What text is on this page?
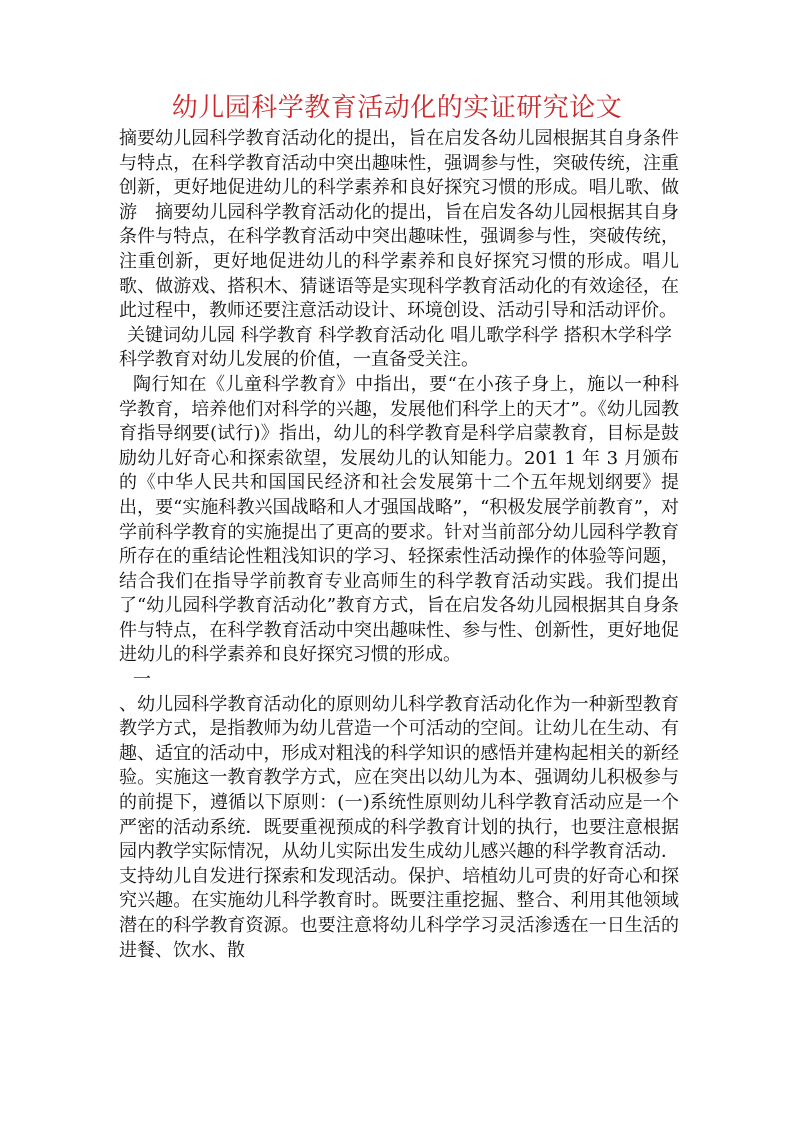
幼儿园科学教育活动化的实证研究论文

摘要幼儿园科学教育活动化的提出，旨在启发各幼儿园根据其自身条件与特点，在科学教育活动中突出趣味性，强调参与性，突破传统，注重创新，更好地促进幼儿的科学素养和良好探究习惯的形成。唱儿歌、做游　摘要幼儿园科学教育活动化的提出，旨在启发各幼儿园根据其自身条件与特点，在科学教育活动中突出趣味性，强调参与性，突破传统，注重创新，更好地促进幼儿的科学素养和良好探究习惯的形成。唱儿歌、做游戏、搭积木、猜谜语等是实现科学教育活动化的有效途径，在此过程中，教师还要注意活动设计、环境创设、活动引导和活动评价。

关键词幼儿园 科学教育 科学教育活动化 唱儿歌学科学 搭积木学科学

科学教育对幼儿发展的价值，一直备受关注。

陶行知在《儿童科学教育》中指出，要“在小孩子身上，施以一种科学教育，培养他们对科学的兴趣，发展他们科学上的天才”。《幼儿园教育指导纲要(试行)》指出，幼儿的科学教育是科学启蒙教育，目标是鼓励幼儿好奇心和探索欲望，发展幼儿的认知能力。201 1 年 3 月颁布的《中华人民共和国国民经济和社会发展第十二个五年规划纲要》提出，要“实施科教兴国战略和人才强国战略”，“积极发展学前教育”，对学前科学教育的实施提出了更高的要求。针对当前部分幼儿园科学教育所存在的重结论性粗浅知识的学习、轻探索性活动操作的体验等问题，结合我们在指导学前教育专业高师生的科学教育活动实践。我们提出了“幼儿园科学教育活动化”教育方式，旨在启发各幼儿园根据其自身条件与特点，在科学教育活动中突出趣味性、参与性、创新性，更好地促进幼儿的科学素养和良好探究习惯的形成。

一

、幼儿园科学教育活动化的原则幼儿科学教育活动化作为一种新型教育教学方式，是指教师为幼儿营造一个可活动的空间。让幼儿在生动、有趣、适宜的活动中，形成对粗浅的科学知识的感悟并建构起相关的新经验。实施这一教育教学方式，应在突出以幼儿为本、强调幼儿积极参与的前提下，遵循以下原则：(一)系统性原则幼儿科学教育活动应是一个严密的活动系统．既要重视预成的科学教育计划的执行，也要注意根据园内教学实际情况，从幼儿实际出发生成幼儿感兴趣的科学教育活动．支持幼儿自发进行探索和发现活动。保护、培植幼儿可贵的好奇心和探究兴趣。在实施幼儿科学教育时。既要注重挖掘、整合、利用其他领域潜在的科学教育资源。也要注意将幼儿科学学习灵活渗透在一日生活的进餐、饮水、散
